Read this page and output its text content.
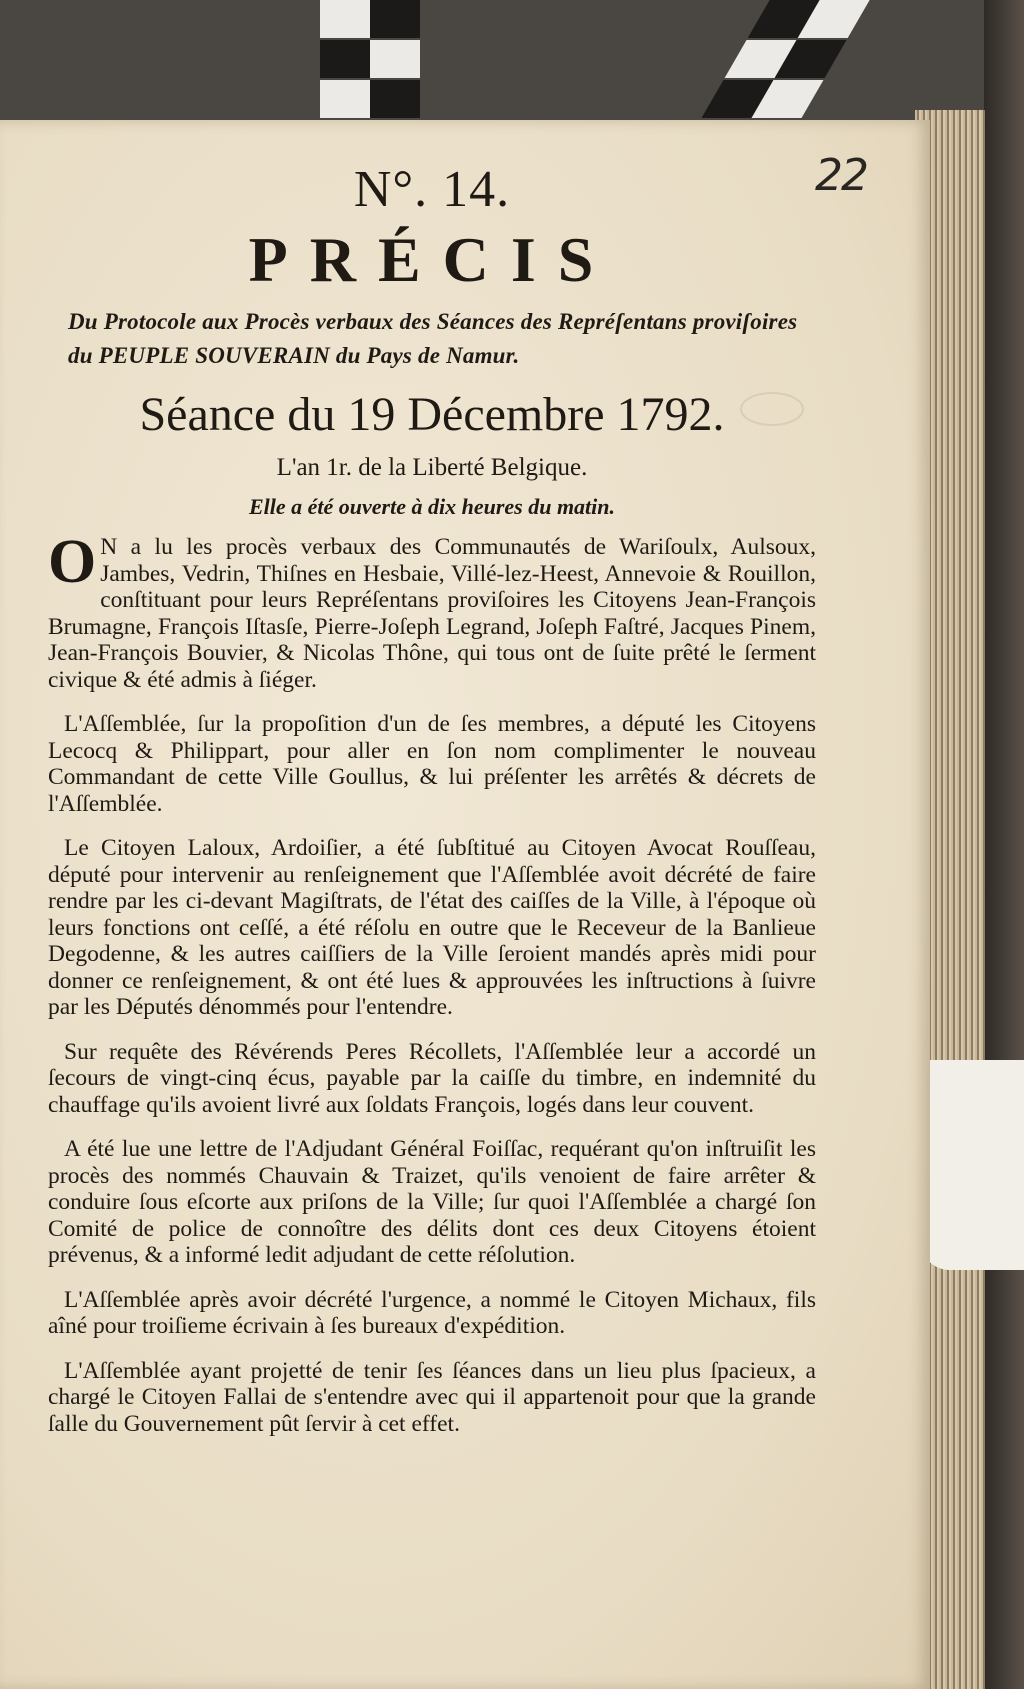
22
N°. 14.
PRÉCIS
Du Protocole aux Procès verbaux des Séances des Repréſentans proviſoires du PEUPLE SOUVERAIN du Pays de Namur.
Séance du 19 Décembre 1792.
L'an 1r. de la Liberté Belgique.
Elle a été ouverte à dix heures du matin.
O N a lu les procès verbaux des Communautés de Wariſoulx, Aulsoux, Jambes, Vedrin, Thiſnes en Hesbaie, Villé-lez-Heest, Annevoie & Rouillon, conſtituant pour leurs Repréſentans proviſoires les Citoyens Jean-François Brumagne, François Iſtasſe, Pierre-Joſeph Legrand, Joſeph Faſtré, Jacques Pinem, Jean-François Bouvier, & Nicolas Thône, qui tous ont de ſuite prêté le ſerment civique & été admis à ſiéger.
L'Aſſemblée, ſur la propoſition d'un de ſes membres, a député les Citoyens Lecocq & Philippart, pour aller en ſon nom complimenter le nouveau Commandant de cette Ville Goullus, & lui préſenter les arrêtés & décrets de l'Aſſemblée.
Le Citoyen Laloux, Ardoiſier, a été ſubſtitué au Citoyen Avocat Rouſſeau, député pour intervenir au renſeignement que l'Aſſemblée avoit décrété de faire rendre par les ci-devant Magiſtrats, de l'état des caiſſes de la Ville, à l'époque où leurs fonctions ont ceſſé, a été réſolu en outre que le Receveur de la Banlieue Degodenne, & les autres caiſſiers de la Ville ſeroient mandés après midi pour donner ce renſeignement, & ont été lues & approuvées les inſtructions à ſuivre par les Députés dénommés pour l'entendre.
Sur requête des Révérends Peres Récollets, l'Aſſemblée leur a accordé un ſecours de vingt-cinq écus, payable par la caiſſe du timbre, en indemnité du chauffage qu'ils avoient livré aux ſoldats François, logés dans leur couvent.
A été lue une lettre de l'Adjudant Général Foiſſac, requérant qu'on inſtruiſit les procès des nommés Chauvain & Traizet, qu'ils venoient de faire arrêter & conduire ſous eſcorte aux priſons de la Ville; ſur quoi l'Aſſemblée a chargé ſon Comité de police de connoître des délits dont ces deux Citoyens étoient prévenus, & a informé ledit adjudant de cette réſolution.
L'Aſſemblée après avoir décrété l'urgence, a nommé le Citoyen Michaux, fils aîné pour troiſieme écrivain à ſes bureaux d'expédition.
L'Aſſemblée ayant projetté de tenir ſes ſéances dans un lieu plus ſpacieux, a chargé le Citoyen Fallai de s'entendre avec qui il appartenoit pour que la grande ſalle du Gouvernement pût ſervir à cet effet.
